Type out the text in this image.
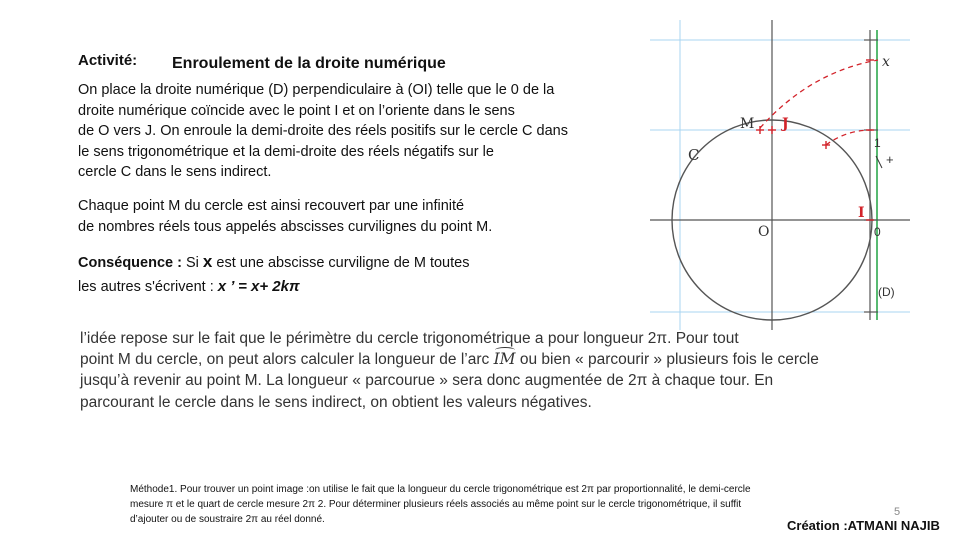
Activité: Enroulement de la droite numérique
On place la droite numérique (D) perpendiculaire à (OI) telle que le 0 de la
droite numérique coïncide avec le point I et on l’oriente dans le sens
de O vers J. On enroule la demi-droite des réels positifs sur le cercle C dans
le sens trigonométrique et la demi-droite des réels négatifs sur le
cercle C dans le sens indirect.
Chaque point M du cercle est ainsi recouvert par une infinité
de nombres réels tous appelés abscisses curvilignes du point M.
Conséquence : Si x est une abscisse curviligne de M toutes
les autres s'écrivent : x ’ = x+ 2kπ
M J
C
O
I
0
1
+
x
(D)
l’idée repose sur le fait que le périmètre du cercle trigonométrique a pour longueur 2π. Pour tout
point M du cercle, on peut alors calculer la longueur de l’arc IM ou bien « parcourir » plusieurs fois le cercle
jusqu’à revenir au point M. La longueur « parcourue » sera donc augmentée de 2π à chaque tour. En
parcourant le cercle dans le sens indirect, on obtient les valeurs négatives.
Méthode1. Pour trouver un point image :on utilise le fait que la longueur du cercle trigonométrique est 2π par proportionnalité, le demi-cercle
mesure π et le quart de cercle mesure 2π 2. Pour déterminer plusieurs réels associés au même point sur le cercle trigonométrique, il suffit
d’ajouter ou de soustraire 2π au réel donné.
5
Création :ATMANI NAJIB
